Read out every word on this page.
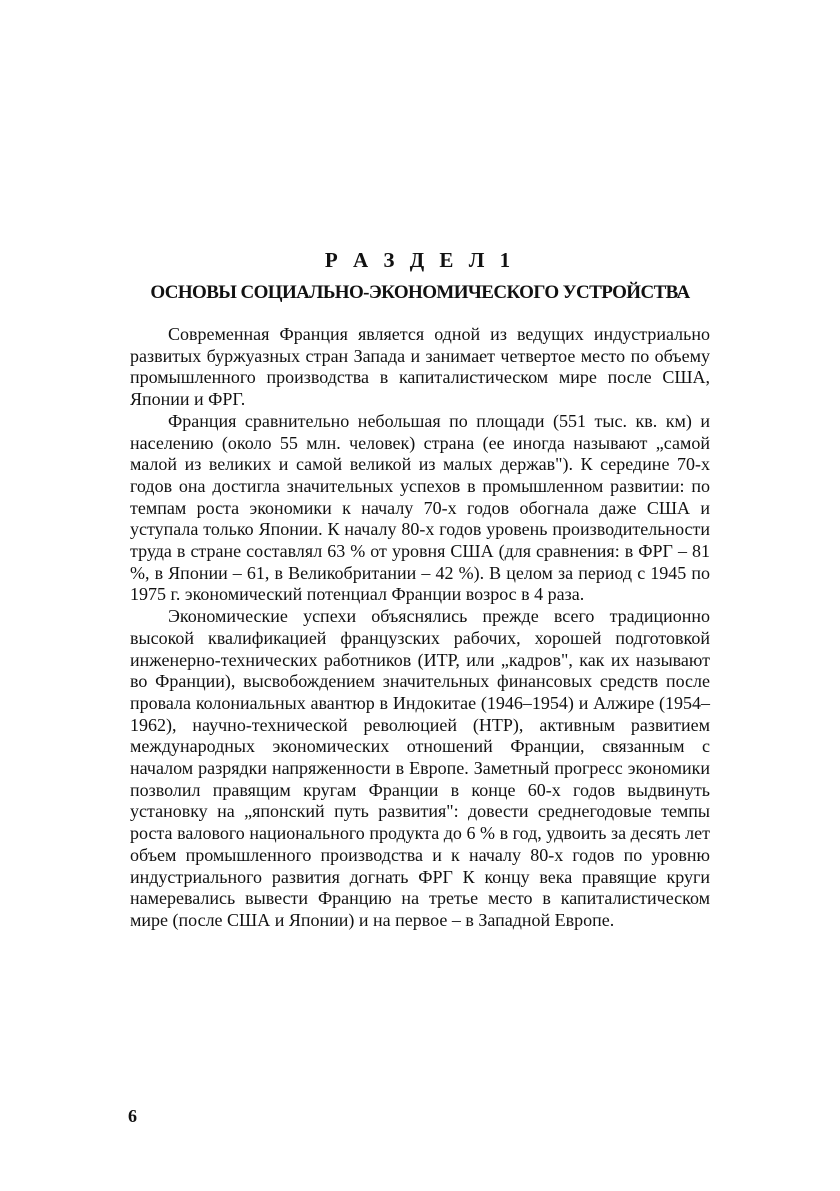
Р А З Д Е Л 1
ОСНОВЫ СОЦИАЛЬНО-ЭКОНОМИЧЕСКОГО УСТРОЙСТВА

Современная Франция является одной из ведущих индустриально развитых буржуазных стран Запада и занимает четвертое место по объему промышленного производства в капиталистическом мире после США, Японии и ФРГ.

Франция сравнительно небольшая по площади (551 тыс. кв. км) и населению (около 55 млн. человек) страна (ее иногда называют „самой малой из великих и самой великой из малых держав"). К середине 70-х годов она достигла значительных успехов в промышленном развитии: по темпам роста экономики к началу 70-х годов обогнала даже США и уступала только Японии. К началу 80-х годов уровень производительности труда в стране составлял 63 % от уровня США (для сравнения: в ФРГ – 81 %, в Японии – 61, в Великобритании – 42 %). В целом за период с 1945 по 1975 г. экономический потенциал Франции возрос в 4 раза.

Экономические успехи объяснялись прежде всего традиционно высокой квалификацией французских рабочих, хорошей подготовкой инженерно-технических работников (ИТР, или „кадров", как их называют во Франции), высвобождением значительных финансовых средств после провала колониальных авантюр в Индокитае (1946–1954) и Алжире (1954–1962), научно-технической революцией (НТР), активным развитием международных экономических отношений Франции, связанным с началом разрядки напряженности в Европе. Заметный прогресс экономики позволил правящим кругам Франции в конце 60-х годов выдвинуть установку на „японский путь развития": довести среднегодовые темпы роста валового национального продукта до 6 % в год, удвоить за десять лет объем промышленного производства и к началу 80-х годов по уровню индустриального развития догнать ФРГ К концу века правящие круги намеревались вывести Францию на третье место в капиталистическом мире (после США и Японии) и на первое – в Западной Европе.

6
